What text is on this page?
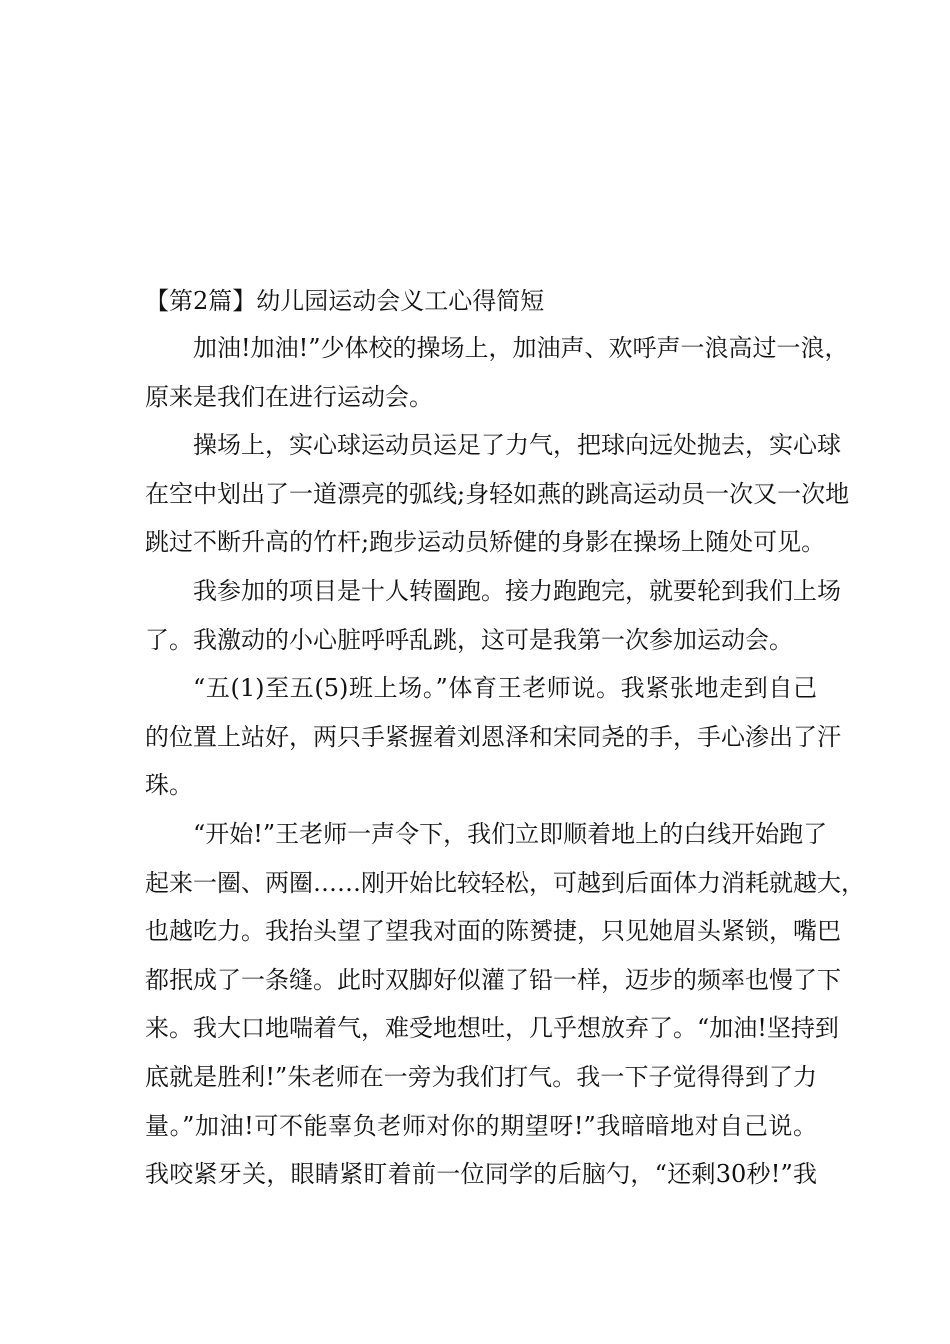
【第2篇】幼儿园运动会义工心得简短

加油!加油!”少体校的操场上，加油声、欢呼声一浪高过一浪，
原来是我们在进行运动会。

操场上，实心球运动员运足了力气，把球向远处抛去，实心球
在空中划出了一道漂亮的弧线;身轻如燕的跳高运动员一次又一次地
跳过不断升高的竹杆;跑步运动员矫健的身影在操场上随处可见。

我参加的项目是十人转圈跑。接力跑跑完，就要轮到我们上场
了。我激动的小心脏呼呼乱跳，这可是我第一次参加运动会。

“五(1)至五(5)班上场。”体育王老师说。我紧张地走到自己
的位置上站好，两只手紧握着刘恩泽和宋同尧的手，手心渗出了汗
珠。

“开始!”王老师一声令下，我们立即顺着地上的白线开始跑了
起来一圈、两圈……刚开始比较轻松，可越到后面体力消耗就越大，
也越吃力。我抬头望了望我对面的陈赟捷，只见她眉头紧锁，嘴巴
都抿成了一条缝。此时双脚好似灌了铅一样，迈步的频率也慢了下
来。我大口地喘着气，难受地想吐，几乎想放弃了。“加油!坚持到
底就是胜利!”朱老师在一旁为我们打气。我一下子觉得得到了力
量。”加油!可不能辜负老师对你的期望呀!”我暗暗地对自己说。
我咬紧牙关，眼睛紧盯着前一位同学的后脑勺，“还剩30秒!”我
